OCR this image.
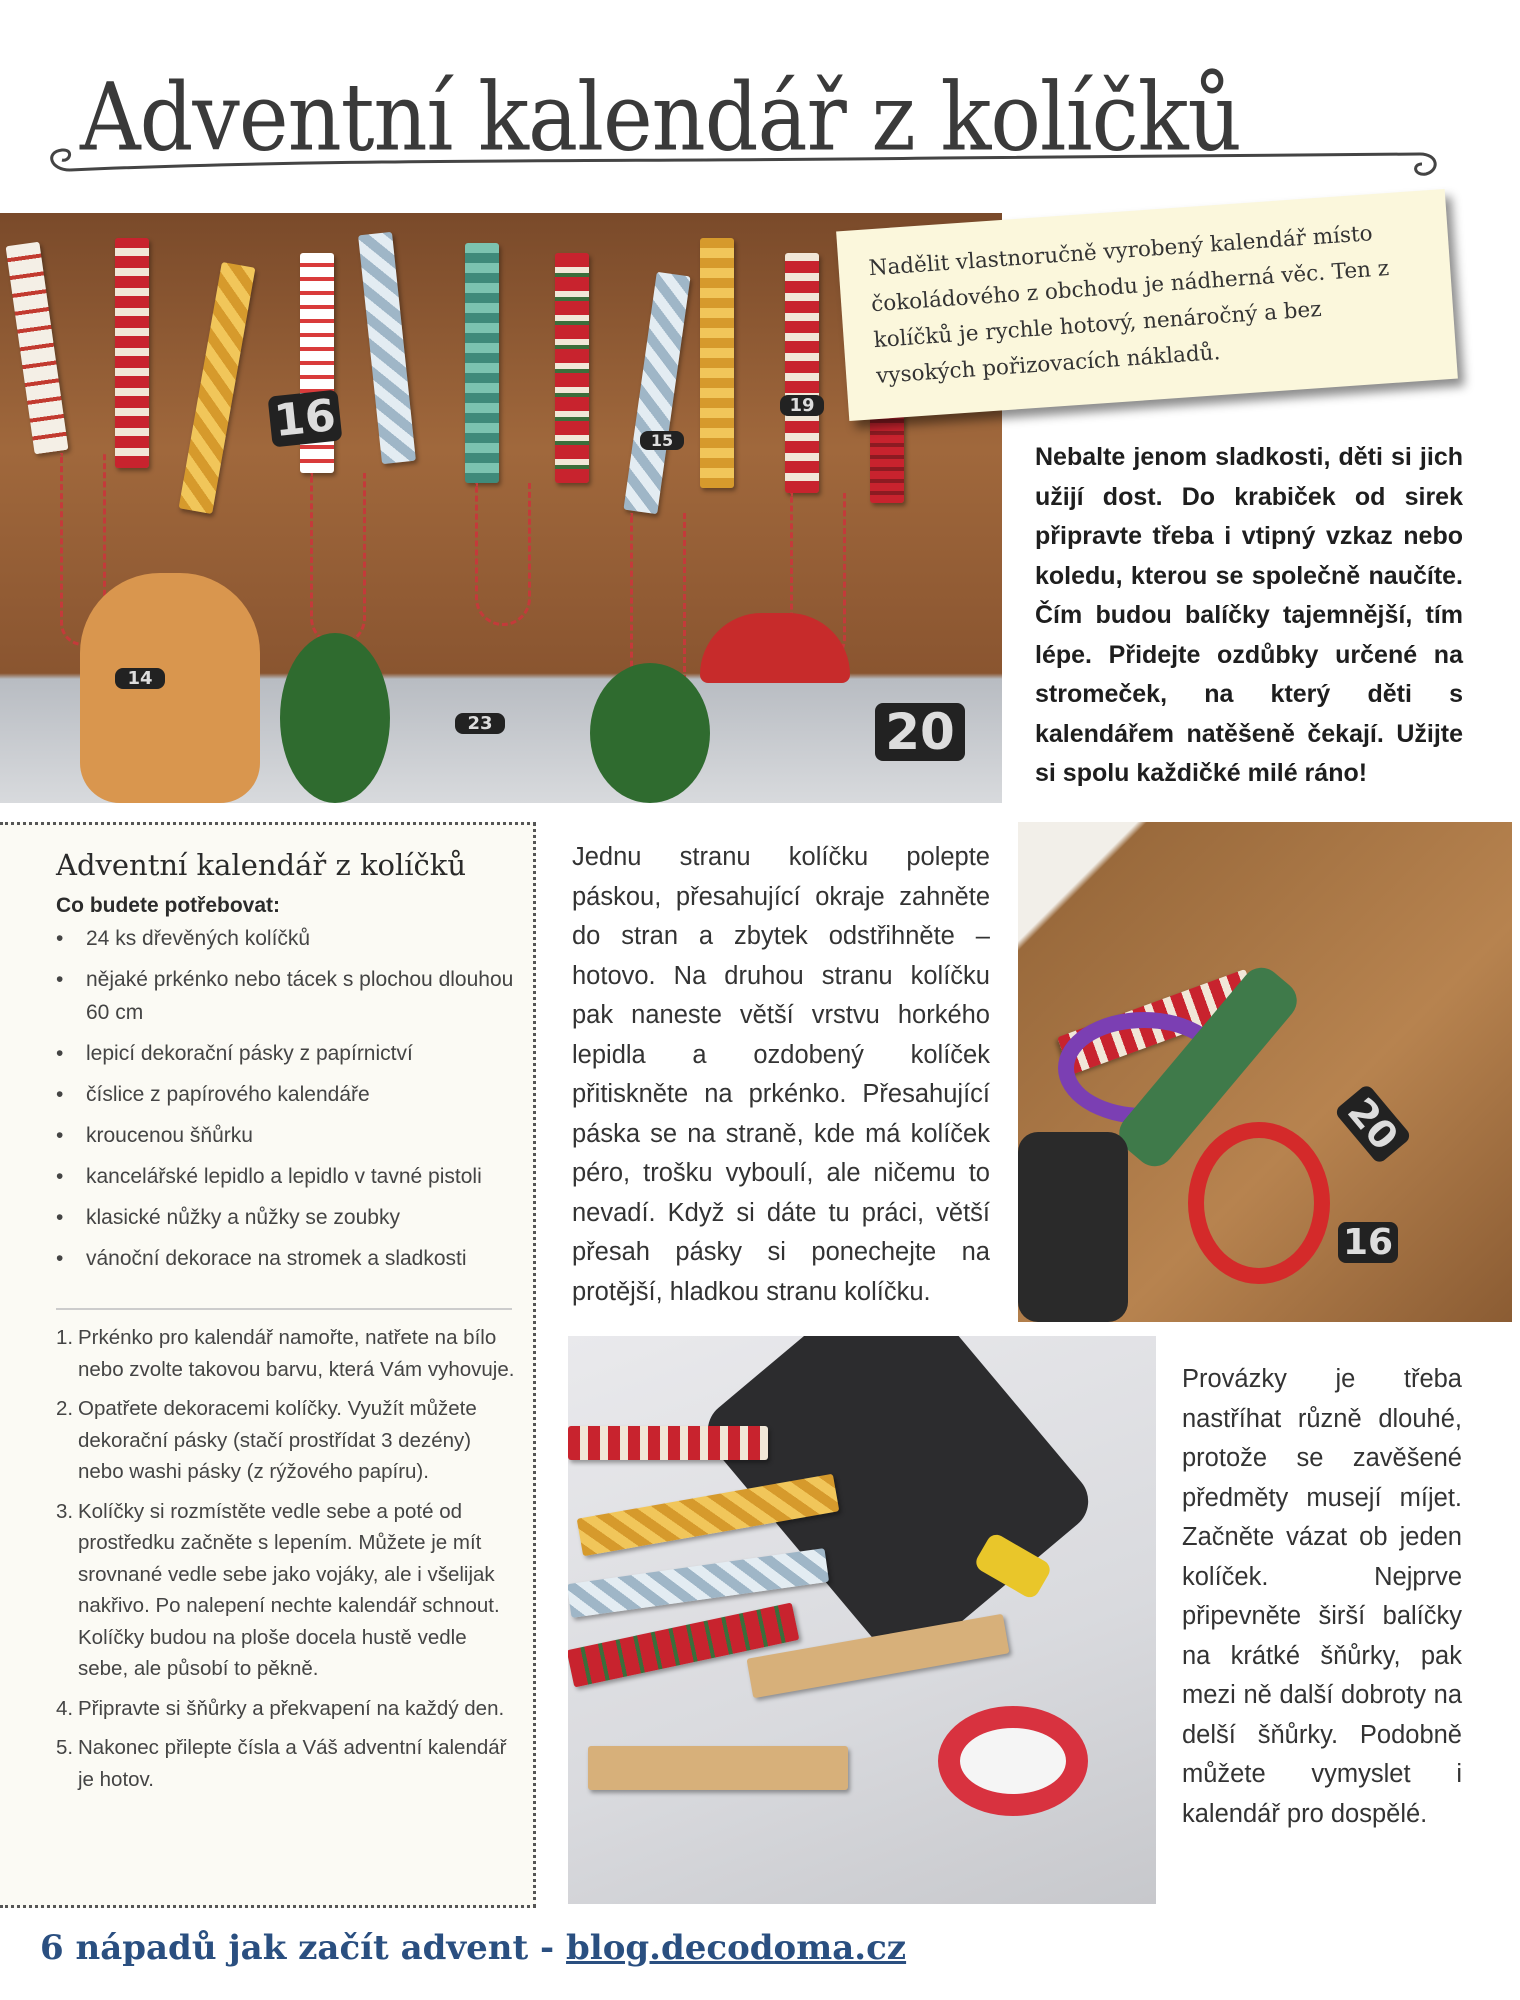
Adventní kalendář z kolíčků
16	19
15
14
23	20
Nadělit vlastnoručně vyrobený kalendář místo čokoládového z obchodu je nádherná věc. Ten z kolíčků je rychle hotový, nenáročný a bez vysokých pořizovacích nákladů.
Nebalte jenom sladkosti, děti si jich užijí dost. Do krabiček od sirek připravte třeba i vtipný vzkaz nebo koledu, kterou se společně naučíte. Čím budou balíčky tajemnější, tím lépe. Přidejte ozdůbky určené na stromeček, na který děti s kalendářem natěšeně čekají. Užijte si spolu každičké milé ráno!
Adventní kalendář z kolíčků
Co budete potřebovat:
• 24 ks dřevěných kolíčků
• nějaké prkénko nebo tácek s plochou dlouhou 60 cm
• lepicí dekorační pásky z papírnictví
• číslice z papírového kalendáře
• kroucenou šňůrku
• kancelářské lepidlo a lepidlo v tavné pistoli
• klasické nůžky a nůžky se zoubky
• vánoční dekorace na stromek a sladkosti
1. Prkénko pro kalendář namořte, natřete na bílo nebo zvolte takovou barvu, která Vám vyhovuje.
2. Opatřete dekoracemi kolíčky. Využít můžete dekorační pásky (stačí prostřídat 3 dezény) nebo washi pásky (z rýžového papíru).
3. Kolíčky si rozmístěte vedle sebe a poté od prostředku začněte s lepením. Můžete je mít srovnané vedle sebe jako vojáky, ale i všelijak nakřivo. Po nalepení nechte kalendář schnout. Kolíčky budou na ploše docela hustě vedle sebe, ale působí to pěkně.
4. Připravte si šňůrky a překvapení na každý den.
5. Nakonec přilepte čísla a Váš adventní kalendář je hotov.
Jednu stranu kolíčku polepte páskou, přesahující okraje zahněte do stran a zbytek odstřihněte – hotovo. Na druhou stranu kolíčku pak naneste větší vrstvu horkého lepidla a ozdobený kolíček přitiskněte na prkénko. Přesahující páska se na straně, kde má kolíček péro, trošku vyboulí, ale ničemu to nevadí. Když si dáte tu práci, větší přesah pásky si ponechejte na protější, hladkou stranu kolíčku.
20
16
Provázky je třeba nastříhat různě dlouhé, protože se zavěšené předměty musejí míjet. Začněte vázat ob jeden kolíček. Nejprve připevněte širší balíčky na krátké šňůrky, pak mezi ně další dobroty na delší šňůrky. Podobně můžete vymyslet i kalendář pro dospělé.
6 nápadů jak začít advent - blog.decodoma.cz
